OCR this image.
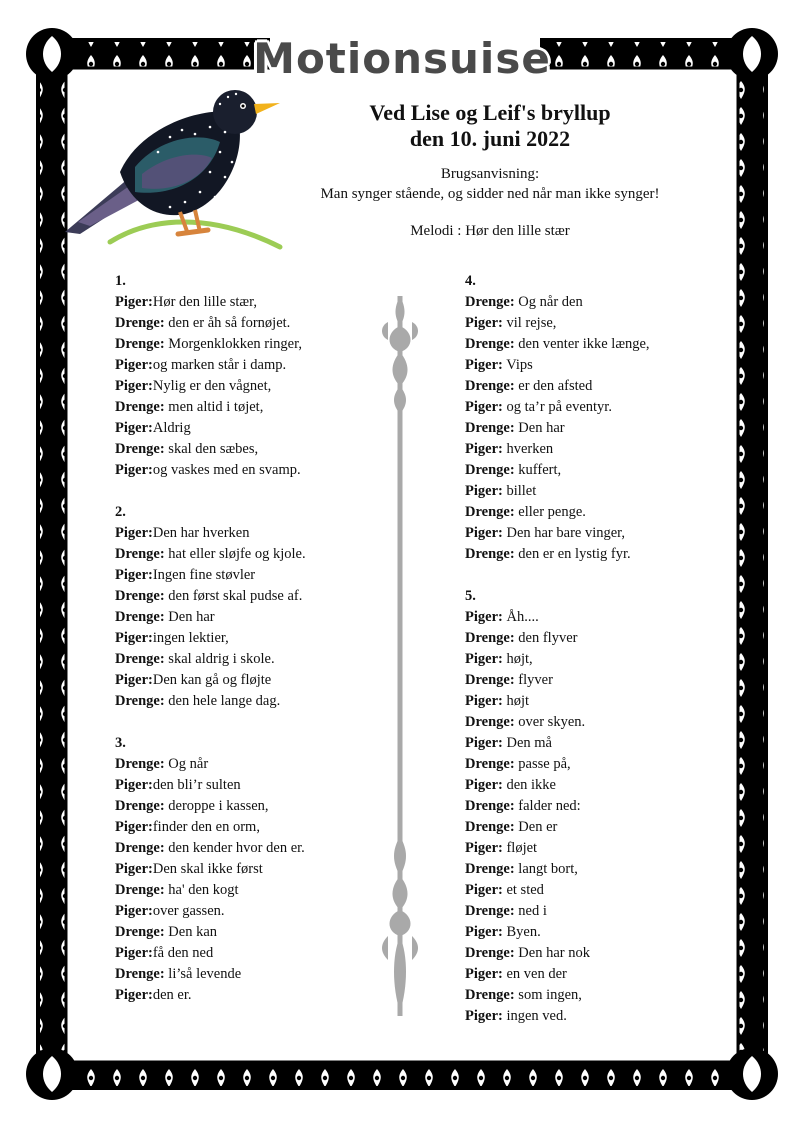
Motionsuise
Ved Lise og Leif's bryllup
den 10. juni 2022
Brugsanvisning:
Man synger stående, og sidder ned når man ikke synger!
Melodi : Hør den lille stær
1.
Piger:Hør den lille stær,
Drenge: den er åh så fornøjet.
Drenge: Morgenklokken ringer,
Piger:og marken står i damp.
Piger:Nylig er den vågnet,
Drenge: men altid i tøjet,
Piger:Aldrig
Drenge: skal den sæbes,
Piger:og vaskes med en svamp.
2.
Piger:Den har hverken
Drenge: hat eller sløjfe og kjole.
Piger:Ingen fine støvler
Drenge: den først skal pudse af.
Drenge: Den har
Piger:ingen lektier,
Drenge: skal aldrig i skole.
Piger:Den kan gå og fløjte
Drenge: den hele lange dag.
3.
Drenge: Og når
Piger:den bli’r sulten
Drenge: deroppe i kassen,
Piger:finder den en orm,
Drenge: den kender hvor den er.
Piger:Den skal ikke først
Drenge: ha' den kogt
Piger:over gassen.
Drenge: Den kan
Piger:få den ned
Drenge: li’så levende
Piger:den er.
4.
Drenge: Og når den
Piger: vil rejse,
Drenge: den venter ikke længe,
Piger: Vips
Drenge: er den afsted
Piger: og ta’r på eventyr.
Drenge: Den har
Piger: hverken
Drenge: kuffert,
Piger: billet
Drenge: eller penge.
Piger: Den har bare vinger,
Drenge: den er en lystig fyr.
5.
Piger: Åh....
Drenge: den flyver
Piger: højt,
Drenge: flyver
Piger: højt
Drenge: over skyen.
Piger: Den må
Drenge: passe på,
Piger: den ikke
Drenge: falder ned:
Drenge: Den er
Piger: fløjet
Drenge: langt bort,
Piger: et sted
Drenge: ned i
Piger: Byen.
Drenge: Den har nok
Piger: en ven der
Drenge: som ingen,
Piger: ingen ved.
